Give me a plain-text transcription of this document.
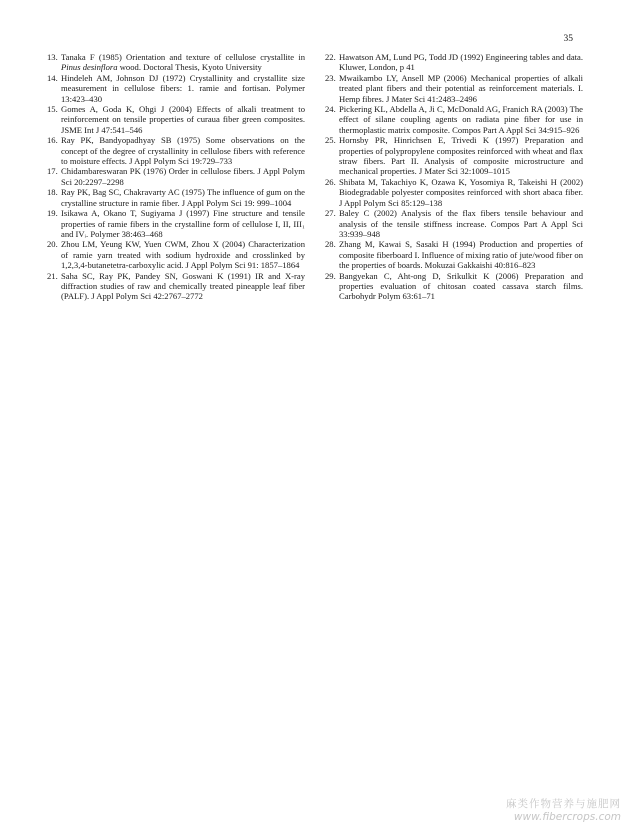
35
13. Tanaka F (1985) Orientation and texture of cellulose crystallite in Pinus desinflora wood. Doctoral Thesis, Kyoto University
14. Hindeleh AM, Johnson DJ (1972) Crystallinity and crystallite size measurement in cellulose fibers: 1. ramie and fortisan. Polymer 13:423–430
15. Gomes A, Goda K, Ohgi J (2004) Effects of alkali treatment to reinforcement on tensile properties of curaua fiber green composites. JSME Int J 47:541–546
16. Ray PK, Bandyopadhyay SB (1975) Some observations on the concept of the degree of crystallinity in cellulose fibers with reference to moisture effects. J Appl Polym Sci 19:729–733
17. Chidambareswaran PK (1976) Order in cellulose fibers. J Appl Polym Sci 20:2297–2298
18. Ray PK, Bag SC, Chakravarty AC (1975) The influence of gum on the crystalline structure in ramie fiber. J Appl Polym Sci 19: 999–1004
19. Isikawa A, Okano T, Sugiyama J (1997) Fine structure and tensile properties of ramie fibers in the crystalline form of cellulose I, II, III₁ and IVᵢ. Polymer 38:463–468
20. Zhou LM, Yeung KW, Yuen CWM, Zhou X (2004) Characterization of ramie yarn treated with sodium hydroxide and crosslinked by 1,2,3,4-butanetetra-carboxylic acid. J Appl Polym Sci 91: 1857–1864
21. Saha SC, Ray PK, Pandey SN, Goswani K (1991) IR and X-ray diffraction studies of raw and chemically treated pineapple leaf fiber (PALF). J Appl Polym Sci 42:2767–2772
22. Hawatson AM, Lund PG, Todd JD (1992) Engineering tables and data. Kluwer, London, p 41
23. Mwaikambo LY, Ansell MP (2006) Mechanical properties of alkali treated plant fibers and their potential as reinforcement materials. I. Hemp fibres. J Mater Sci 41:2483–2496
24. Pickering KL, Abdella A, Ji C, McDonald AG, Franich RA (2003) The effect of silane coupling agents on radiata pine fiber for use in thermoplastic matrix composite. Compos Part A Appl Sci 34:915–926
25. Hornsby PR, Hinrichsen E, Trivedi K (1997) Preparation and properties of polypropylene composites reinforced with wheat and flax straw fibers. Part II. Analysis of composite microstructure and mechanical properties. J Mater Sci 32:1009–1015
26. Shibata M, Takachiyo K, Ozawa K, Yosomiya R, Takeishi H (2002) Biodegradable polyester composites reinforced with short abaca fiber. J Appl Polym Sci 85:129–138
27. Baley C (2002) Analysis of the flax fibers tensile behaviour and analysis of the tensile stiffness increase. Compos Part A Appl Sci 33:939–948
28. Zhang M, Kawai S, Sasaki H (1994) Production and properties of composite fiberboard I. Influence of mixing ratio of jute/wood fiber on the properties of boards. Mokuzai Gakkaishi 40:816–823
29. Bangyekan C, Aht-ong D, Srikulkit K (2006) Preparation and properties evaluation of chitosan coated cassava starch films. Carbohydr Polym 63:61–71
麻类作物营养与施肥网
www.fibercrops.com
